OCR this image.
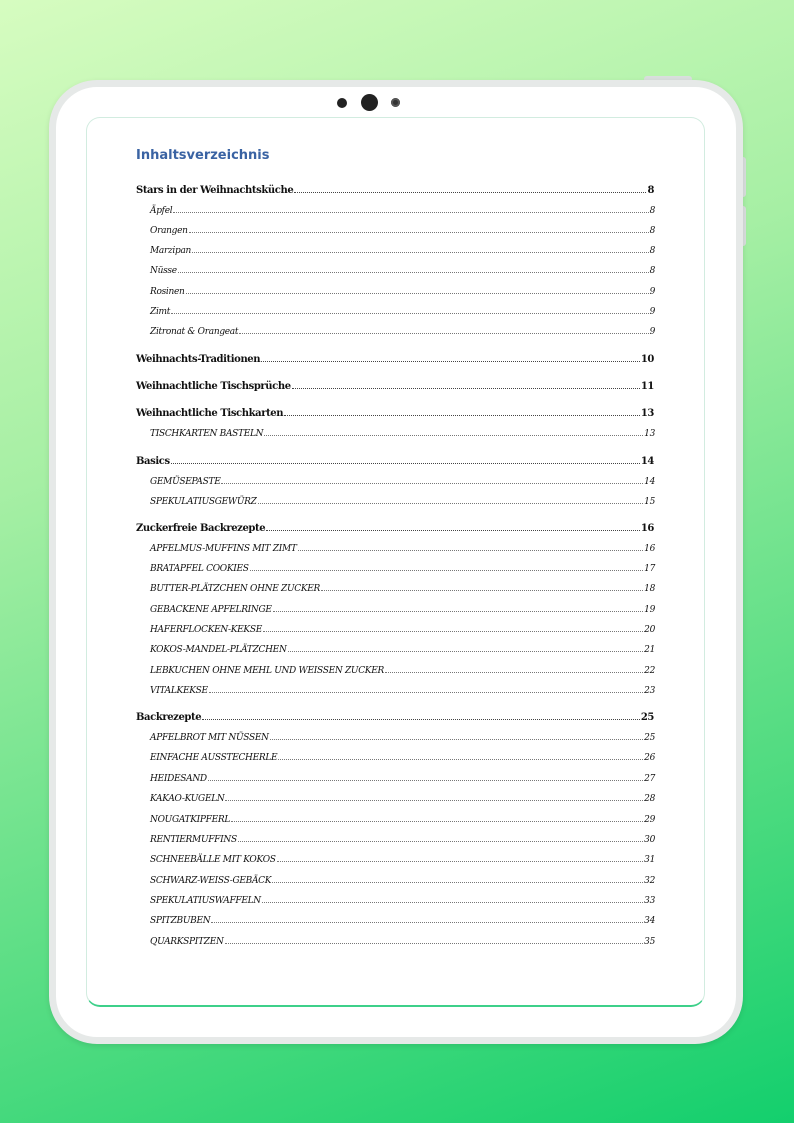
Inhaltsverzeichnis
Stars in der Weihnachtsküche	8
Äpfel	8
Orangen	8
Marzipan	8
Nüsse	8
Rosinen	9
Zimt	9
Zitronat & Orangeat	9
Weihnachts-Traditionen	10
Weihnachtliche Tischsprüche	11
Weihnachtliche Tischkarten	13
TISCHKARTEN BASTELN	13
Basics	14
GEMÜSEPASTE	14
SPEKULATIUSGEWÜRZ	15
Zuckerfreie Backrezepte	16
APFELMUS-MUFFINS MIT ZIMT	16
BRATAPFEL COOKIES	17
BUTTER-PLÄTZCHEN OHNE ZUCKER	18
GEBACKENE APFELRINGE	19
HAFERFLOCKEN-KEKSE	20
KOKOS-MANDEL-PLÄTZCHEN	21
LEBKUCHEN OHNE MEHL UND WEISSEN ZUCKER	22
VITALKEKSE	23
Backrezepte	25
APFELBROT MIT NÜSSEN	25
EINFACHE AUSSTECHERLE	26
HEIDESAND	27
KAKAO-KUGELN	28
NOUGATKIPFERL	29
RENTIERMUFFINS	30
SCHNEEBÄLLE MIT KOKOS	31
SCHWARZ-WEISS-GEBÄCK	32
SPEKULATIUSWAFFELN	33
SPITZBUBEN	34
QUARKSPITZEN	35
